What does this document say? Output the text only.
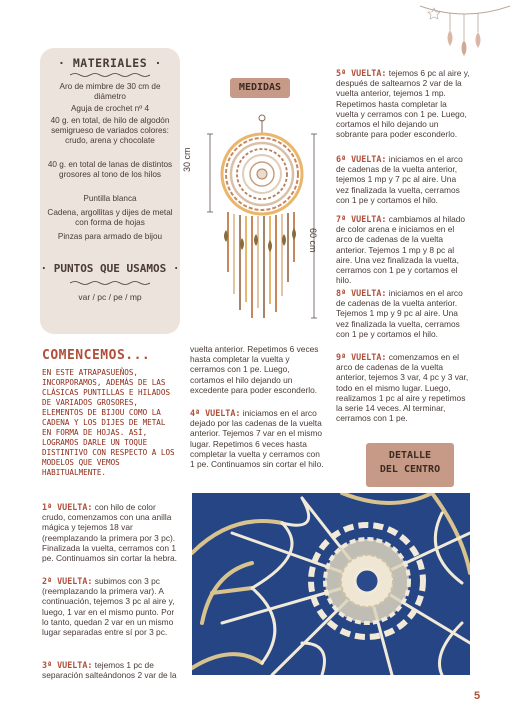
· MATERIALES ·
Aro de mimbre de 30 cm de diámetro
Aguja de crochet nº 4
40 g. en total, de hilo de algodón semigrueso de variados colores: crudo, arena y chocolate
40 g. en total de lanas de distintos grosores al tono de los hilos
Puntilla blanca
Cadena, argollitas y dijes de metal con forma de hojas
Pinzas para armado de bijou
· PUNTOS QUE USAMOS ·
var / pc / pe / mp
MEDIDAS
30 cm
60 cm
COMENCEMOS...
EN ESTE ATRAPASUEÑOS, INCORPORAMOS, ADEMÁS DE LAS CLÁSICAS PUNTILLAS E HILADOS DE VARIADOS GROSORES, ELEMENTOS DE BIJOU COMO LA CADENA Y LOS DIJES DE METAL EN FORMA DE HOJAS. ASÍ, LOGRAMOS DARLE UN TOQUE DISTINTIVO CON RESPECTO A LOS MODELOS QUE VEMOS HABITUALMENTE.
1ª VUELTA: con hilo de color crudo, comenzamos con una anilla mágica y tejemos 18 var (reemplazando la primera por 3 pc). Finalizada la vuelta, cerramos con 1 pe. Continuamos sin cortar la hebra.
2ª VUELTA: subimos con 3 pc (reemplazando la primera var). A continuación, tejemos 3 pc al aire y, luego, 1 var en el mismo punto. Por lo tanto, quedan 2 var en un mismo lugar separadas entre sí por 3 pc.
3ª VUELTA: tejemos 1 pc de separación salteándonos 2 var de la
vuelta anterior. Repetimos 6 veces hasta completar la vuelta y cerramos con 1 pe. Luego, cortamos el hilo dejando un excedente para poder esconderlo.
4ª VUELTA: iniciamos en el arco dejado por las cadenas de la vuelta anterior. Tejemos 7 var en el mismo lugar. Repetimos 6 veces hasta completar la vuelta y cerramos con 1 pe. Continuamos sin cortar el hilo.
5ª VUELTA: tejemos 6 pc al aire y, después de saltearnos 2 var de la vuelta anterior, tejemos 1 mp. Repetimos hasta completar la vuelta y cerramos con 1 pe. Luego, cortamos el hilo dejando un sobrante para poder esconderlo.
6ª VUELTA: iniciamos en el arco de cadenas de la vuelta anterior, tejemos 1 mp y 7 pc al aire. Una vez finalizada la vuelta, cerramos con 1 pe y cortamos el hilo.
7ª VUELTA: cambiamos al hilado de color arena e iniciamos en el arco de cadenas de la vuelta anterior. Tejemos 1 mp y 8 pc al aire. Una vez finalizada la vuelta, cerramos con 1 pe y cortamos el hilo.
8ª VUELTA: iniciamos en el arco de cadenas de la vuelta anterior. Tejemos 1 mp y 9 pc al aire. Una vez finalizada la vuelta, cerramos con 1 pe y cortamos el hilo.
9ª VUELTA: comenzamos en el arco de cadenas de la vuelta anterior, tejemos 3 var, 4 pc y 3 var, todo en el mismo lugar. Luego, realizamos 1 pc al aire y repetimos la serie 14 veces. Al terminar, cerramos con 1 pe.
DETALLE
DEL CENTRO
5
